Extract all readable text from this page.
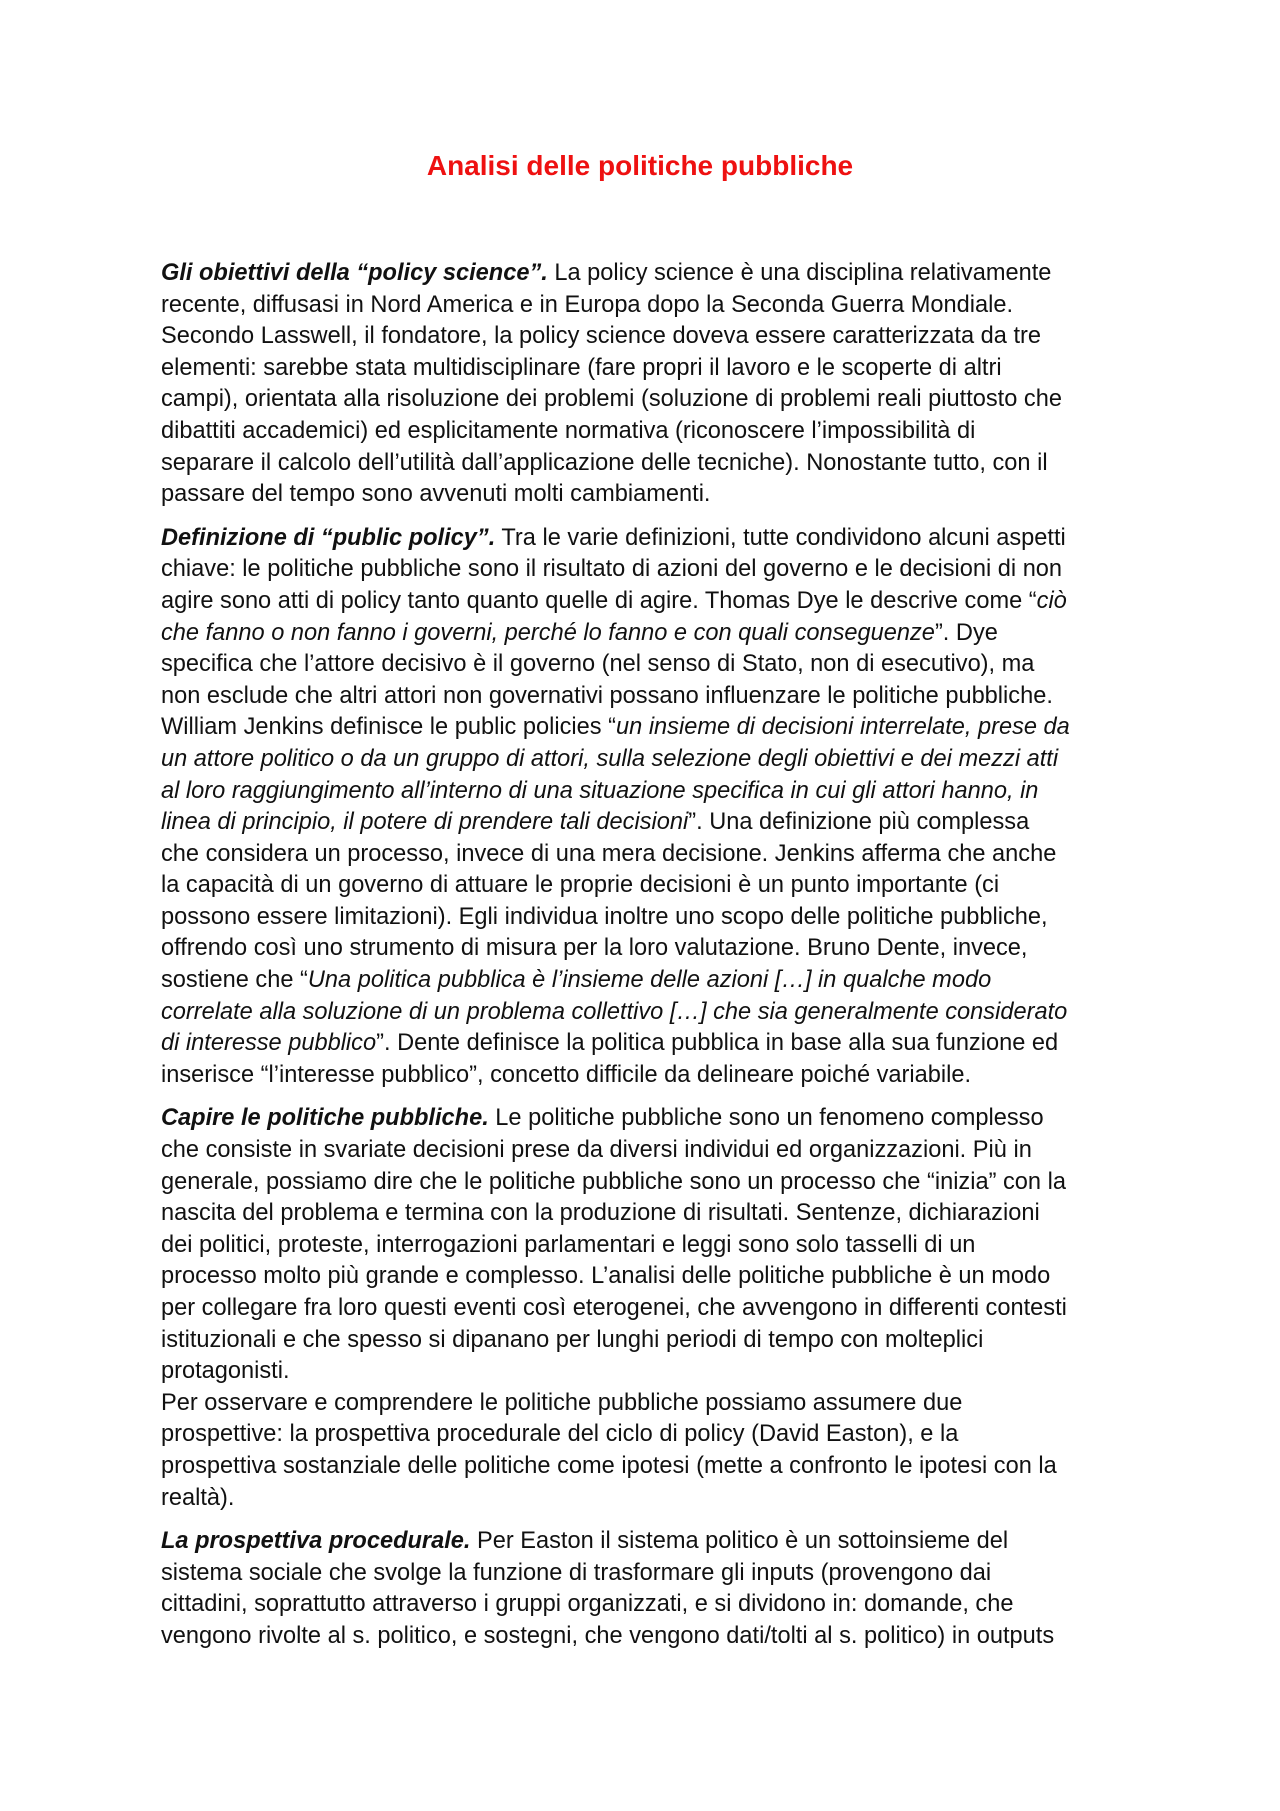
Analisi delle politiche pubbliche
Gli obiettivi della “policy science”. La policy science è una disciplina relativamente
recente, diffusasi in Nord America e in Europa dopo la Seconda Guerra Mondiale.
Secondo Lasswell, il fondatore, la policy science doveva essere caratterizzata da tre
elementi: sarebbe stata multidisciplinare (fare propri il lavoro e le scoperte di altri
campi), orientata alla risoluzione dei problemi (soluzione di problemi reali piuttosto che
dibattiti accademici) ed esplicitamente normativa (riconoscere l’impossibilità di
separare il calcolo dell’utilità dall’applicazione delle tecniche). Nonostante tutto, con il
passare del tempo sono avvenuti molti cambiamenti.
Definizione di “public policy”. Tra le varie definizioni, tutte condividono alcuni aspetti
chiave: le politiche pubbliche sono il risultato di azioni del governo e le decisioni di non
agire sono atti di policy tanto quanto quelle di agire. Thomas Dye le descrive come “ciò
che fanno o non fanno i governi, perché lo fanno e con quali conseguenze”. Dye
specifica che l’attore decisivo è il governo (nel senso di Stato, non di esecutivo), ma
non esclude che altri attori non governativi possano influenzare le politiche pubbliche.
William Jenkins definisce le public policies “un insieme di decisioni interrelate, prese da
un attore politico o da un gruppo di attori, sulla selezione degli obiettivi e dei mezzi atti
al loro raggiungimento all’interno di una situazione specifica in cui gli attori hanno, in
linea di principio, il potere di prendere tali decisioni”. Una definizione più complessa
che considera un processo, invece di una mera decisione. Jenkins afferma che anche
la capacità di un governo di attuare le proprie decisioni è un punto importante (ci
possono essere limitazioni). Egli individua inoltre uno scopo delle politiche pubbliche,
offrendo così uno strumento di misura per la loro valutazione. Bruno Dente, invece,
sostiene che “Una politica pubblica è l’insieme delle azioni […] in qualche modo
correlate alla soluzione di un problema collettivo […] che sia generalmente considerato
di interesse pubblico”. Dente definisce la politica pubblica in base alla sua funzione ed
inserisce “l’interesse pubblico”, concetto difficile da delineare poiché variabile.
Capire le politiche pubbliche. Le politiche pubbliche sono un fenomeno complesso
che consiste in svariate decisioni prese da diversi individui ed organizzazioni. Più in
generale, possiamo dire che le politiche pubbliche sono un processo che “inizia” con la
nascita del problema e termina con la produzione di risultati. Sentenze, dichiarazioni
dei politici, proteste, interrogazioni parlamentari e leggi sono solo tasselli di un
processo molto più grande e complesso. L’analisi delle politiche pubbliche è un modo
per collegare fra loro questi eventi così eterogenei, che avvengono in differenti contesti
istituzionali e che spesso si dipanano per lunghi periodi di tempo con molteplici
protagonisti.
Per osservare e comprendere le politiche pubbliche possiamo assumere due
prospettive: la prospettiva procedurale del ciclo di policy (David Easton), e la
prospettiva sostanziale delle politiche come ipotesi (mette a confronto le ipotesi con la
realtà).
La prospettiva procedurale. Per Easton il sistema politico è un sottoinsieme del
sistema sociale che svolge la funzione di trasformare gli inputs (provengono dai
cittadini, soprattutto attraverso i gruppi organizzati, e si dividono in: domande, che
vengono rivolte al s. politico, e sostegni, che vengono dati/tolti al s. politico) in outputs
